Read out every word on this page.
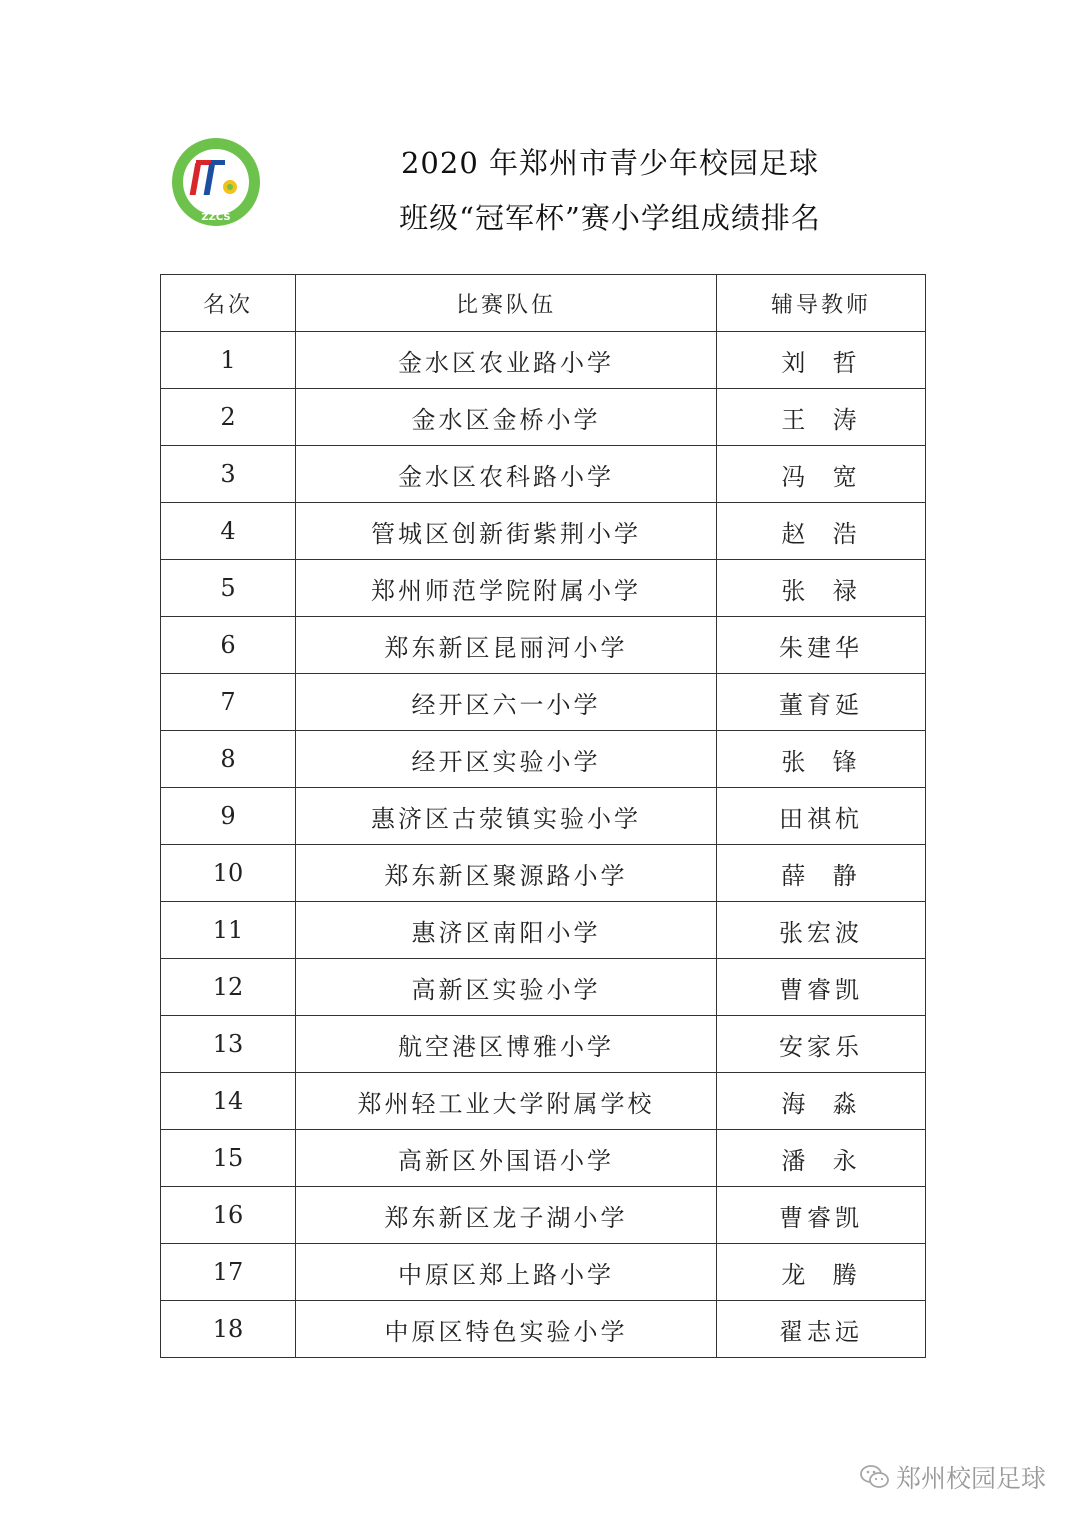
ZZCS
2020 年郑州市青少年校园足球
班级“冠军杯”赛小学组成绩排名
名次	比赛队伍	辅导教师
1	金水区农业路小学	刘  哲
2	金水区金桥小学	王  涛
3	金水区农科路小学	冯  宽
4	管城区创新街紫荆小学	赵  浩
5	郑州师范学院附属小学	张  禄
6	郑东新区昆丽河小学	朱建华
7	经开区六一小学	董育延
8	经开区实验小学	张  锋
9	惠济区古荥镇实验小学	田祺杭
10	郑东新区聚源路小学	薛  静
11	惠济区南阳小学	张宏波
12	高新区实验小学	曹睿凯
13	航空港区博雅小学	安家乐
14	郑州轻工业大学附属学校	海  淼
15	高新区外国语小学	潘  永
16	郑东新区龙子湖小学	曹睿凯
17	中原区郑上路小学	龙  腾
18	中原区特色实验小学	翟志远
郑州校园足球
